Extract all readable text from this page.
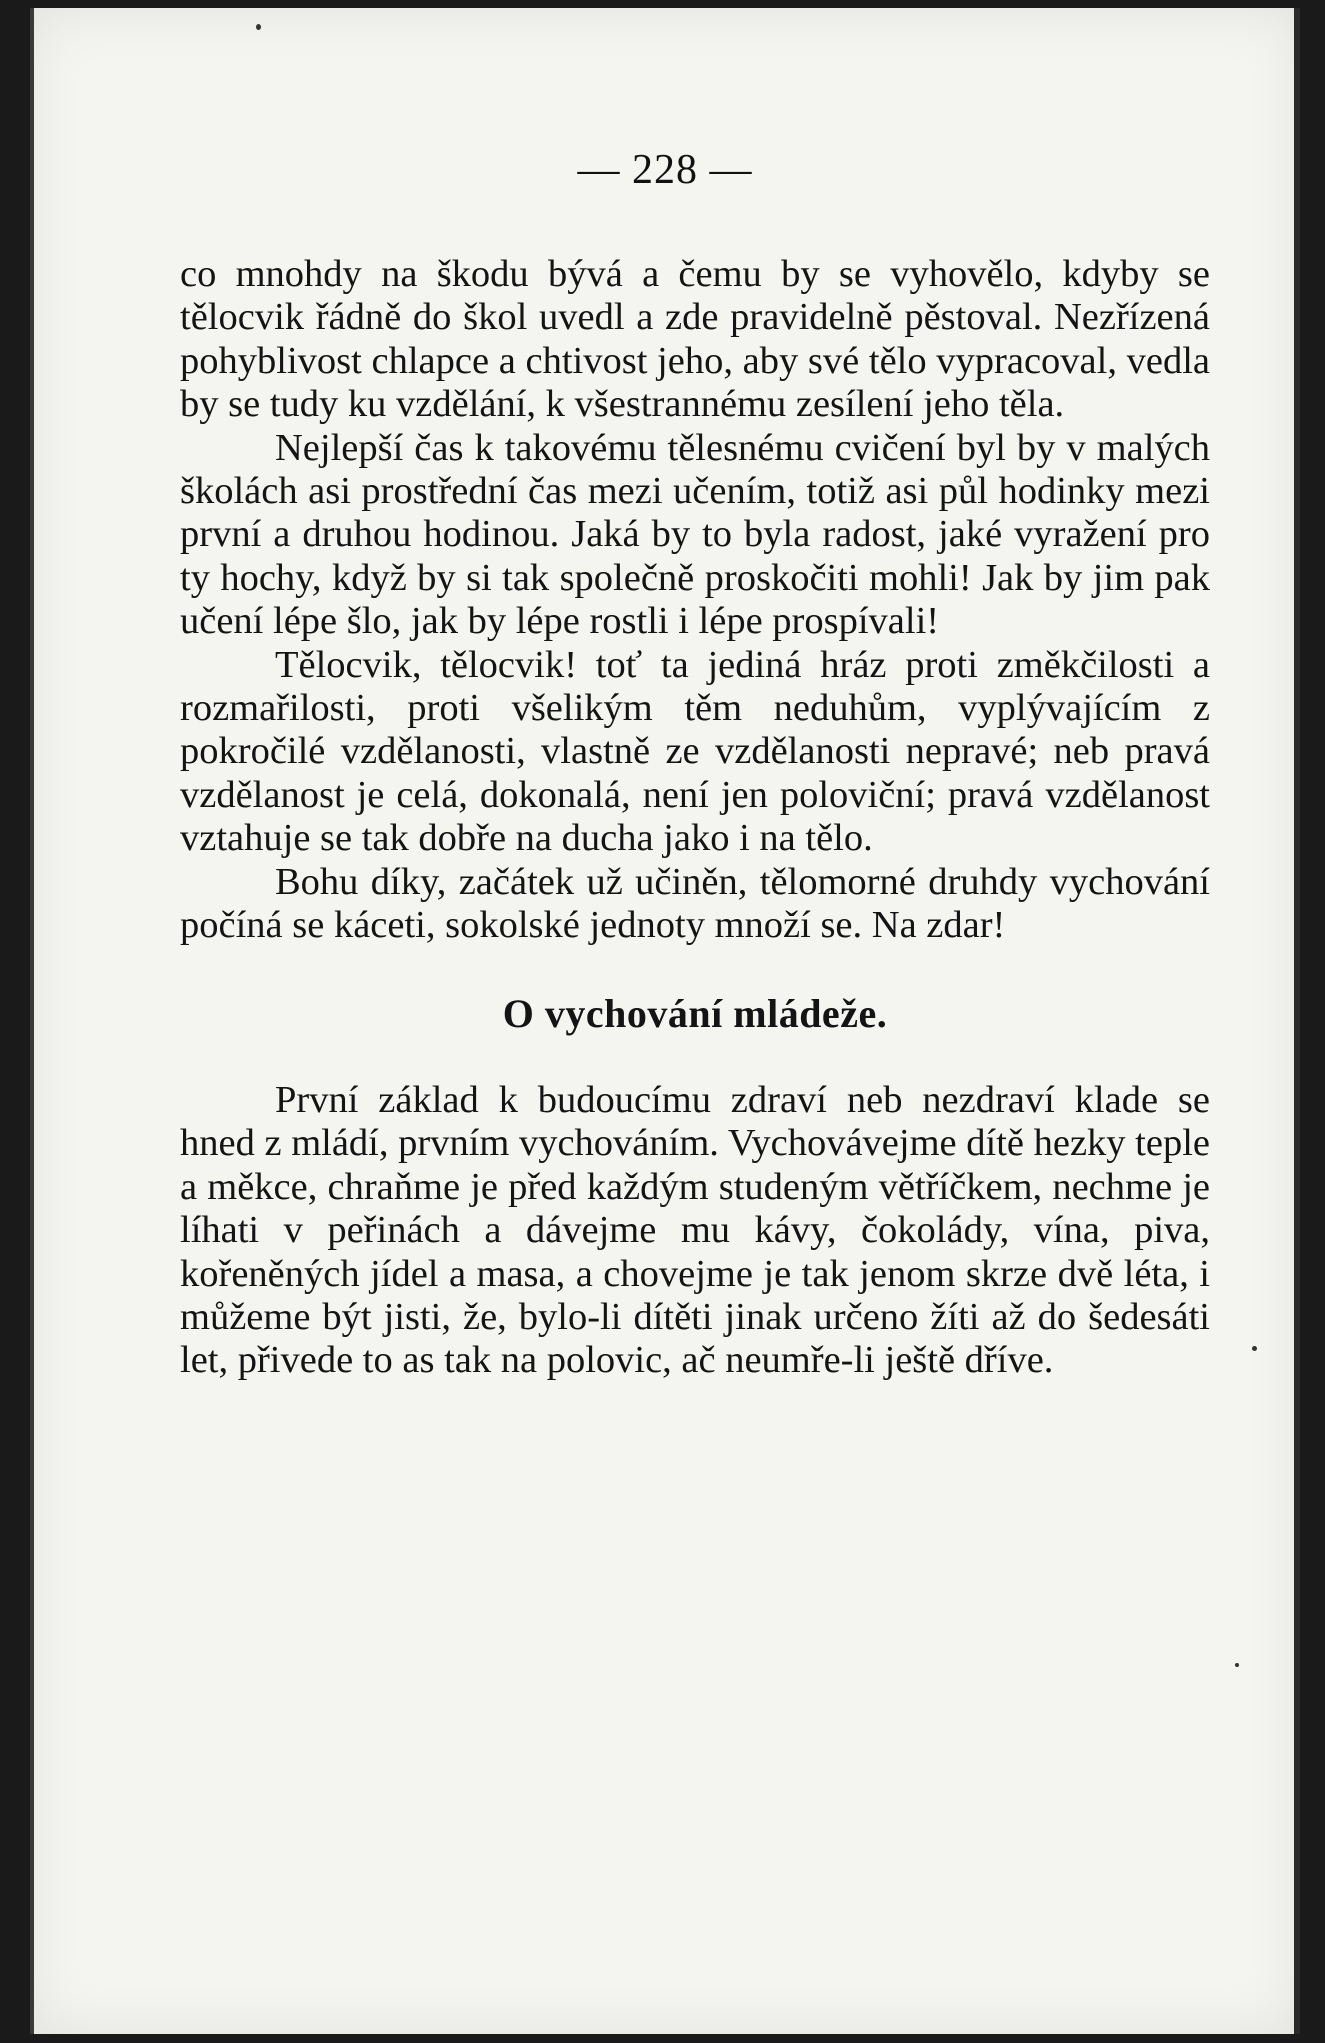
— 228 —

co mnohdy na škodu bývá a čemu by se vyhovělo, kdyby se tělocvik řádně do škol uvedl a zde pravidelně pěstoval. Nezřízená pohyblivost chlapce a chtivost jeho, aby své tělo vypracoval, vedla by se tudy ku vzdělání, k všestrannému zesílení jeho těla.

Nejlepší čas k takovému tělesnému cvičení byl by v malých školách asi prostřední čas mezi učením, totiž asi půl hodinky mezi první a druhou hodinou. Jaká by to byla radost, jaké vyražení pro ty hochy, když by si tak společně proskočiti mohli! Jak by jim pak učení lépe šlo, jak by lépe rostli i lépe prospívali!

Tělocvik, tělocvik! toť ta jediná hráz proti změkčilosti a rozmařilosti, proti všelikým těm neduhům, vyplývajícím z pokročilé vzdělanosti, vlastně ze vzdělanosti nepravé; neb pravá vzdělanost je celá, dokonalá, není jen poloviční; pravá vzdělanost vztahuje se tak dobře na ducha jako i na tělo.

Bohu díky, začátek už učiněn, tělomorné druhdy vychování počíná se káceti, sokolské jednoty množí se. Na zdar!

O vychování mládeže.

První základ k budoucímu zdraví neb nezdraví klade se hned z mládí, prvním vychováním. Vychovávejme dítě hezky teple a měkce, chraňme je před každým studeným větříčkem, nechme je líhati v peřinách a dávejme mu kávy, čokolády, vína, piva, kořeněných jídel a masa, a chovejme je tak jenom skrze dvě léta, i můžeme být jisti, že, bylo-li dítěti jinak určeno žíti až do šedesáti let, přivede to as tak na polovic, ač neumře-li ještě dříve.
